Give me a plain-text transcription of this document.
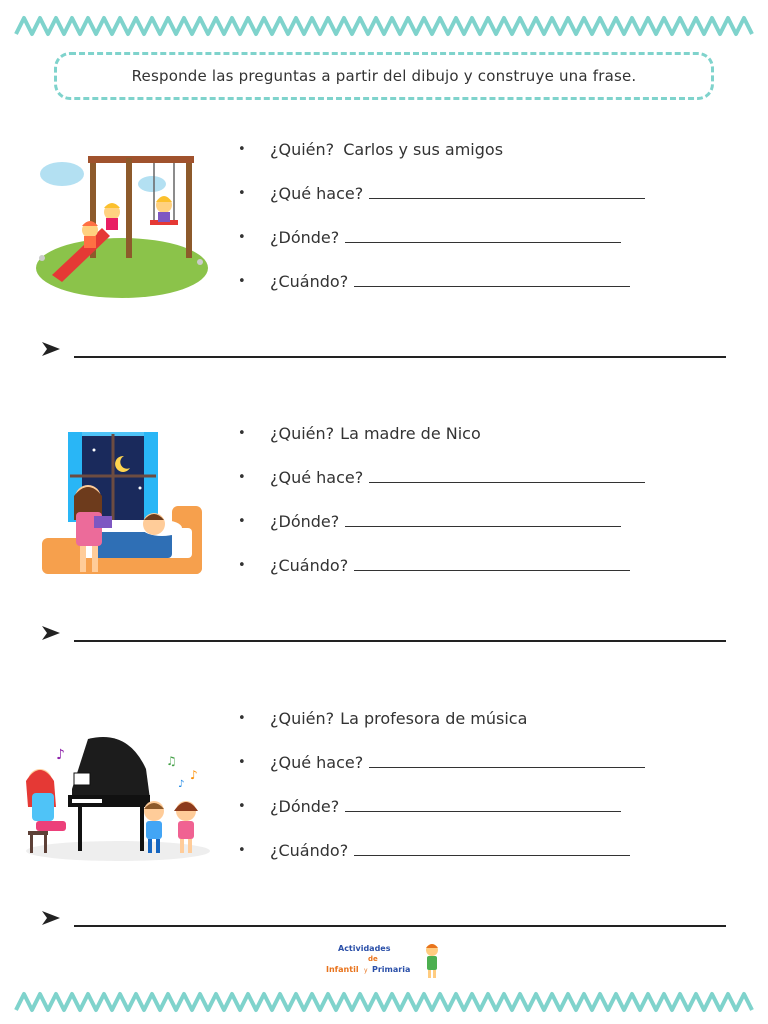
Responde las preguntas a partir del dibujo y construye una frase.
•	¿Quién? Carlos y sus amigos
•	¿Qué hace?
•	¿Dónde?
•	¿Cuándo?
•	¿Quién? La madre de Nico
•	¿Qué hace?
•	¿Dónde?
•	¿Cuándo?
♪	♫
♪
♪
•	¿Quién? La profesora de música
•	¿Qué hace?
•	¿Dónde?
•	¿Cuándo?
Actividades
de
Infantil y Primaria
